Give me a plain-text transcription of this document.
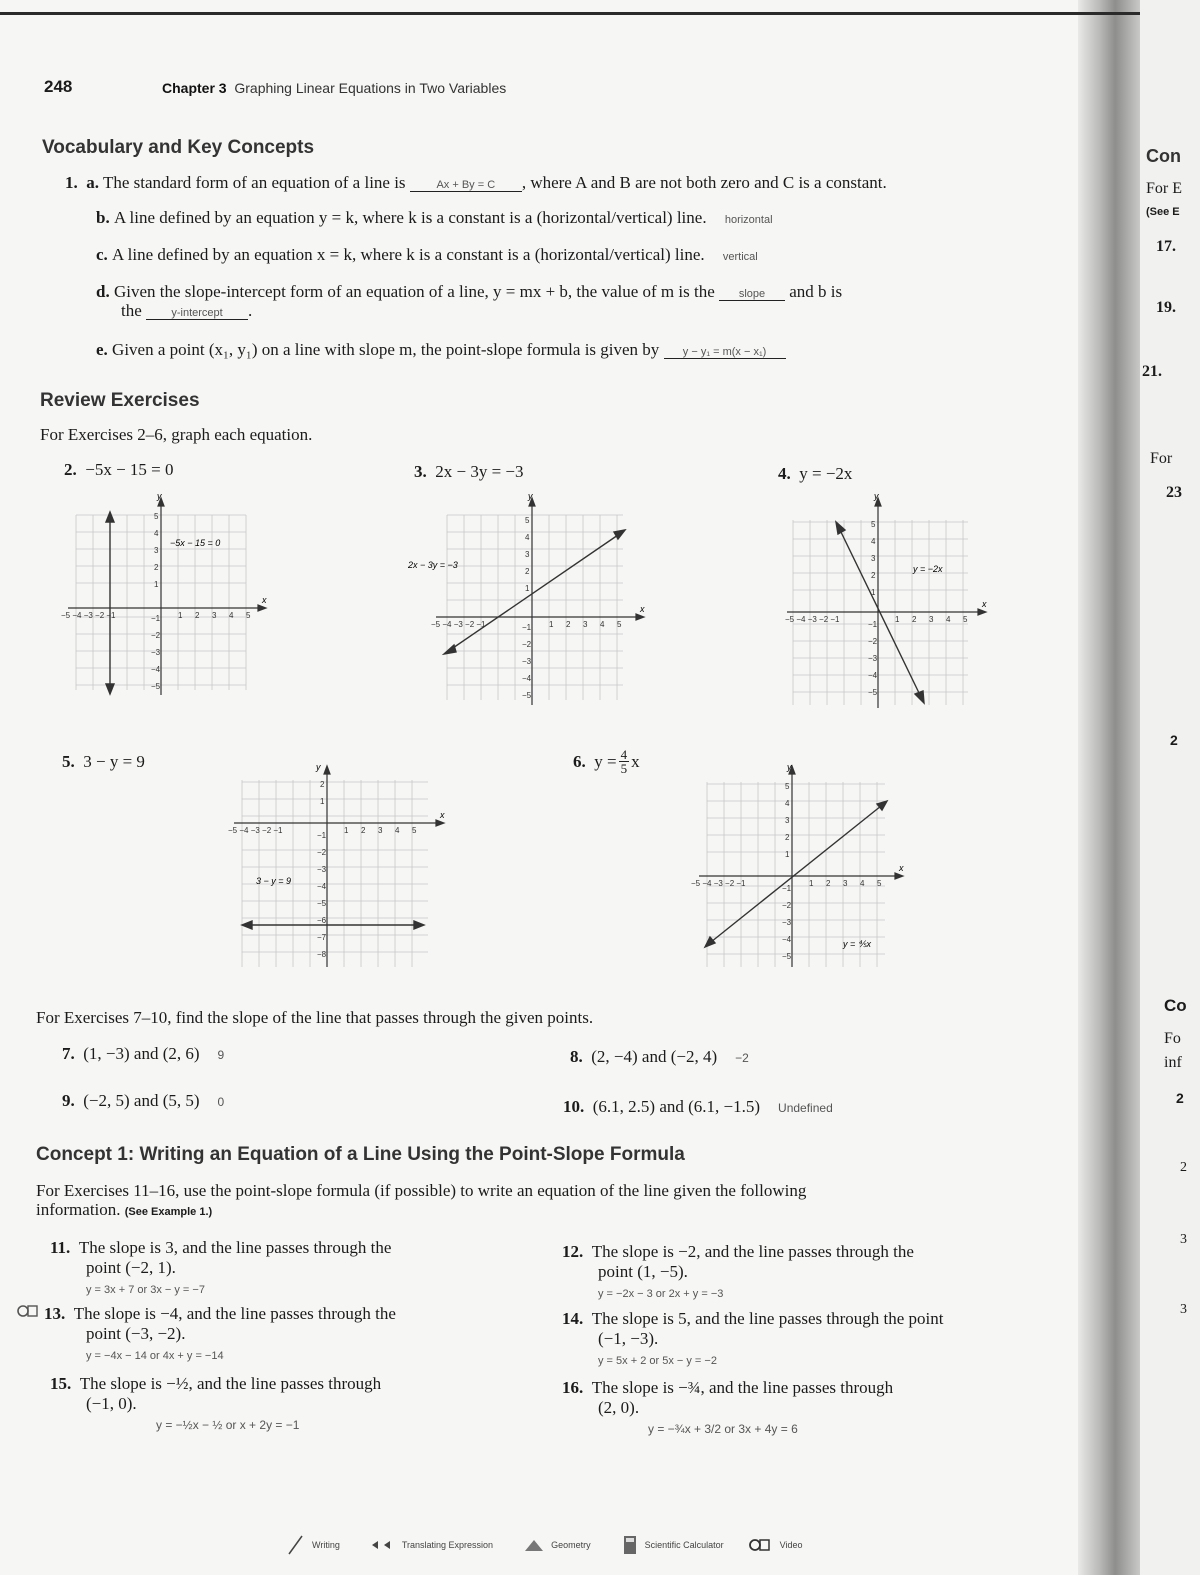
248	Chapter 3 Graphing Linear Equations in Two Variables
Vocabulary and Key Concepts
1. a. The standard form of an equation of a line is	Ax + By = C , where A and B are not both zero and C is a constant.
b. A line defined by an equation y = k, where k is a constant is a (horizontal/vertical) line. horizontal
c. A line defined by an equation x = k, where k is a constant is a (horizontal/vertical) line. vertical
d. Given the slope-intercept form of an equation of a line, y = mx + b, the value of m is the slope and b is
the	y-intercept .
e. Given a point (x₁, y₁) on a line with slope m, the point-slope formula is given by y − y₁ = m(x − x₁)
Review Exercises
For Exercises 2–6, graph each equation.
2. −5x − 15 = 0	3. 2x − 3y = −3	4. y = −2x
5. 3 − y = 9	6.
$y = \frac{4}{5}$ x
x
y
−5 −4 −3 −2 −1	1 2 3 4 5
5
4
3
2
1
−1
−2
−3
−4
−5
−5x − 15 = 0
x
y
−5 −4 −3 −2 −1	1 2 3 4 5
5
4
3
2
1
−1
−2
−3
−4
−5
2x − 3y = −3
x
y
−5 −4 −3 −2 −1	1 2 3 4 5
5
4
3
2
1
−1
−2
−3
−4
−5
y = −2x
x
y
−5 −4 −3 −2 −1	1 2 3 4 5
2
1
−1
−2
−3
−4
−5
−6
−7
−8
3 − y = 9
x
y
−5 −4 −3 −2 −1	1 2 3 4 5
5
4
3
2
1
−1
−2
−3
−4
−5
y = ⅘x
For Exercises 7–10, find the slope of the line that passes through the given points.
7. (1, −3) and (2, 6) 9	8. (2, −4) and (−2, 4) −2
9. (−2, 5) and (5, 5) 0	10. (6.1, 2.5) and (6.1, −1.5) Undefined
Concept 1: Writing an Equation of a Line Using the Point-Slope Formula
For Exercises 11–16, use the point-slope formula (if possible) to write an equation of the line given the following
information. (See Example 1.)
11. The slope is 3, and the line passes through the
point (−2, 1).
y = 3x + 7 or 3x − y = −7
12. The slope is −2, and the line passes through the
point (1, −5).
y = −2x − 3 or 2x + y = −3
13. The slope is −4, and the line passes through the
point (−3, −2).
y = −4x − 14 or 4x + y = −14
14. The slope is 5, and the line passes through the point
(−1, −3).
y = 5x + 2 or 5x − y = −2
15. The slope is −½, and the line passes through
(−1, 0).
y = −½x − ½ or x + 2y = −1
16. The slope is −¾, and the line passes through
(2, 0).
y = −¾x + 3/2 or 3x + 4y = 6
Writing	Translating Expression	Geometry	Scientific Calculator	Video
Con
For E
(See E
17.
19.
21.
For
23
2
Co
Fo
inf
2
2
3
3
